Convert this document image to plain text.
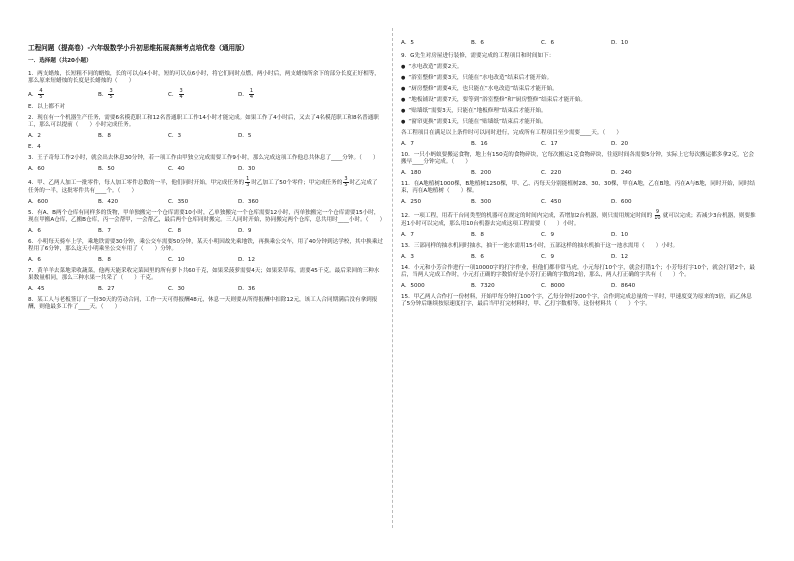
工程问题（提高卷）-六年级数学小升初思维拓展高频考点培优卷（通用版）
一．选择题（共20小题）
1．两支蜡烛，长短粗不同的蜡烛，长的可以点4小时，短的可以点6小时，将它们同时点燃，两小时后，两支蜡烛所余下的部分长度正好相等，那么原来短蜡烛的长度是长蜡烛的（　　）
A． $\frac{4}{5}$	B． $\frac{3}{5}$	C． $\frac{3}{4}$	D． $\frac{1}{4}$
E．以上都不对
2．现在有一个机器生产任务，需要6名模范职工和12名普通职工工作14小时才能完成。如果工作了4小时后，又去了4名模范职工和8名普通职工，那么可以提前（　　）小时完成任务。
A．2	B．8	C．3	D．5
E．4
3．王子奇每工作2小时，就会出去休息30分钟，若一项工作由甲独立完成需要工作9小时，那么完成这项工作他总共休息了____分钟。（　　）
A．60	B．50	C．40	D．30
4．甲、乙两人加工一批零件，每人加工零件总数的一半，他们同时开始，甲完成任务的 $\frac{1}{3}$ 时乙加工了50个零件；甲完成任务的 $\frac{3}{5}$ 时乙完成了任务的一半，这批零件共有____个。（　　）
A．600	B．420	C．350	D．360
5．有A、B两个仓库有同样多的货物，甲单独搬完一个仓库需要10小时，乙单独搬完一个仓库需要12小时，丙单独搬完一个仓库需要15小时，现在甲搬A仓库，乙搬B仓库，丙一会帮甲，一会帮乙，最后两个仓库同时搬完。三人同时开始，协同搬完两个仓库，总共用时____小时。（　　）
A．6	B．7	C．8	D．9
6．小明每天骑车上学，乘地铁需要30分钟，乘公交车需要50分钟，某天小明因故先乘地铁，再换乘公交车，用了40分钟到达学校，其中换乘过程用了6分钟，那么这天小明乘坐公交车用了（　　）分钟。
A．6	B．8	C．10	D．12
7．黄羊羊去菜地采收蔬菜，他两天能采收完菜园里的所有萝卜共60千克，如果采菠萝需要4天；如果采草莓，需要45千克。最后采回的三种水果数量相同，那么三种水果一共采了（　　）千克。
A．45	B．27	C．30	D．36
8．某工人与老板签订了一份30天的劳动合同，工作一天可得报酬48元，休息一天则要从所得报酬中扣除12元，该工人合同期满后没有拿到报酬，则他最多工作了____天。（　　）
A．5	B．6	C．6	D．10
9．G先生对房屋进行装修，需要完成的工程项目和时间如下：
● “水电改造”需要2天。
● “浴室整修”需要3天，只能在“水电改造”结束后才能开始。
● “厨房整修”需要4天，也只能在“水电改造”结束后才能开始。
● “地板铺设”需要7天，要等到“浴室整修”和“厨房整修”结束后才能开始。
● “贴墙纸”需要3天，只能在“地板修理”结束后才能开始。
● “窗帘更换”需要1天，只能在“贴墙纸”结束后才能开始。
各工程项目在满足以上条件时可以同时进行，完成所有工程项目至少需要____天。（　　）
A．7	B．16	C．17	D．20
10．一只小蚂蚁要搬运食物，地上有150克的食物碎块，它每次搬运1克食物碎块，往返时间各需要5分钟，实际上它每次搬运都多拿2克，它会搬早____分钟完成。（　　）
A．180	B．200	C．220	D．240
11．在A地植树1000棵，B地植树1250棵，甲、乙、丙每天分别能植树28、30、30棵，甲在A地，乙在B地，丙在A与B地，同时开始，同时结束，丙在A地植树（　　）棵。
A．250	B．300	C．450	D．600
12．一项工程，用若干台同类型的机器可在规定的时间内完成，若增加2台机器，则只需用规定时间的 $\frac{9}{10}$ 就可以完成；若减少3台机器，则要推迟1小时可以完成，那么用10台机器去完成这项工程需要（　　）小时。
A．7	B．8	C．9	D．10
13．三部同样的抽水机同时抽水，抽干一池水需用15小时，五部这样的抽水机抽干这一池水需用（　　）小时。
A．3	B．6	C．9	D．12
14．小元和小芳合作进行一项10000字的打字作业，但他们都非常马虎，小元每打10个字，就会打错1个；小芳每打字10个，就会打错2个，最后，当两人完成工作时，小元打正确的字数恰好是小芳打正确的字数的2倍，那么，两人打正确的字共有（　　）个。
A．5000	B．7320	C．8000	D．8640
15．甲乙两人合作打一份材料，开始甲每分钟打100个字，乙每分钟打200个字，合作到完成总量的一半时，甲速度变为原来的3倍，而乙休息了5分钟后继续按原速度打字，最后当甲打完材料时，甲、乙打字数相等，这份材料共（　　）个字。
